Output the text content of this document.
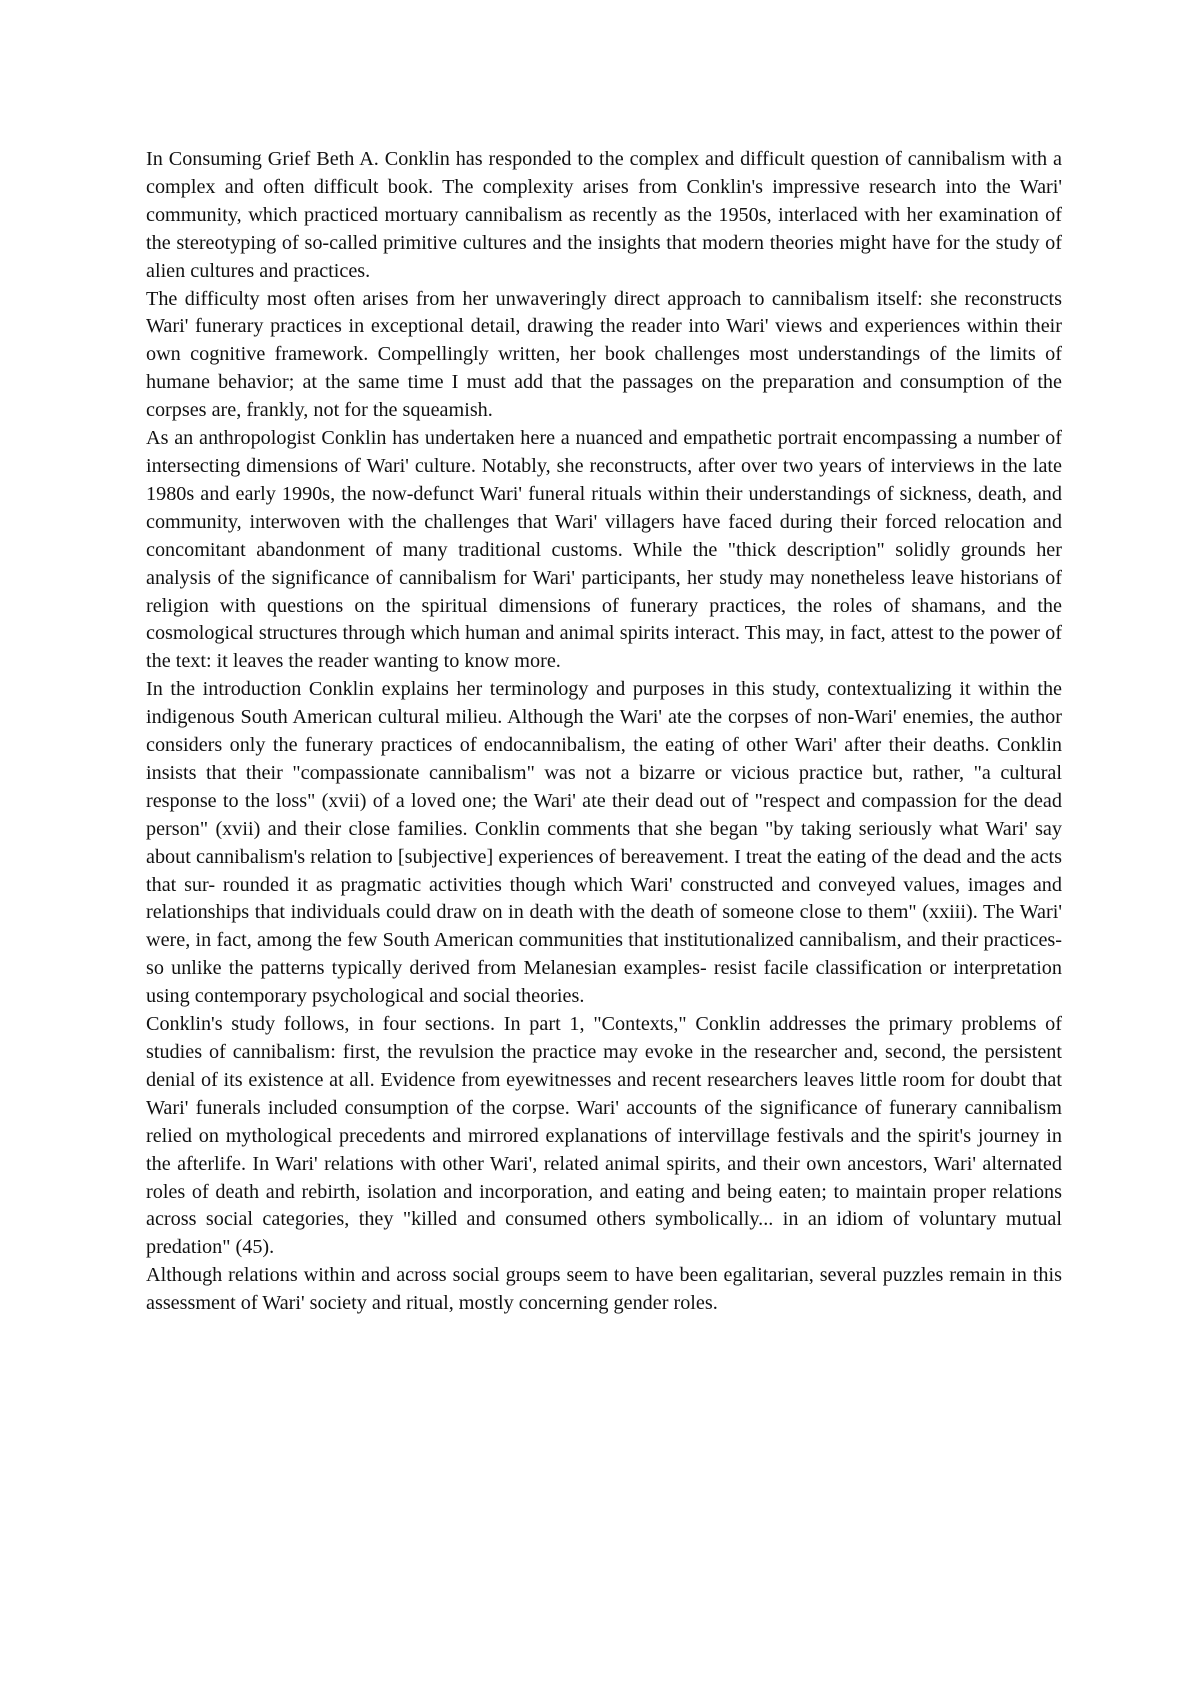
In Consuming Grief Beth A. Conklin has responded to the complex and difficult question of cannibalism with a complex and often difficult book. The complexity arises from Conklin's impressive research into the Wari' community, which practiced mortuary cannibalism as recently as the 1950s, interlaced with her examination of the stereotyping of so-called primitive cultures and the insights that modern theories might have for the study of alien cultures and practices.

The difficulty most often arises from her unwaveringly direct approach to cannibalism itself: she reconstructs Wari' funerary practices in exceptional detail, drawing the reader into Wari' views and experiences within their own cognitive framework. Compellingly written, her book challenges most understandings of the limits of humane behavior; at the same time I must add that the passages on the preparation and consumption of the corpses are, frankly, not for the squeamish.

As an anthropologist Conklin has undertaken here a nuanced and empathetic portrait encompassing a number of intersecting dimensions of Wari' culture. Notably, she reconstructs, after over two years of interviews in the late 1980s and early 1990s, the now-defunct Wari' funeral rituals within their understandings of sickness, death, and community, interwoven with the challenges that Wari' villagers have faced during their forced relocation and concomitant abandonment of many traditional customs. While the "thick description" solidly grounds her analysis of the significance of cannibalism for Wari' participants, her study may nonetheless leave historians of religion with questions on the spiritual dimensions of funerary practices, the roles of shamans, and the cosmological structures through which human and animal spirits interact. This may, in fact, attest to the power of the text: it leaves the reader wanting to know more.

In the introduction Conklin explains her terminology and purposes in this study, contextualizing it within the indigenous South American cultural milieu. Although the Wari' ate the corpses of non-Wari' enemies, the author considers only the funerary practices of endocannibalism, the eating of other Wari' after their deaths. Conklin insists that their "compassionate cannibalism" was not a bizarre or vicious practice but, rather, "a cultural response to the loss" (xvii) of a loved one; the Wari' ate their dead out of "respect and compassion for the dead person" (xvii) and their close families. Conklin comments that she began "by taking seriously what Wari' say about cannibalism's relation to [subjective] experiences of bereavement. I treat the eating of the dead and the acts that sur- rounded it as pragmatic activities though which Wari' constructed and conveyed values, images and relationships that individuals could draw on in death with the death of someone close to them" (xxiii). The Wari' were, in fact, among the few South American communities that institutionalized cannibalism, and their practices-so unlike the patterns typically derived from Melanesian examples- resist facile classification or interpretation using contemporary psychological and social theories.

Conklin's study follows, in four sections. In part 1, "Contexts," Conklin addresses the primary problems of studies of cannibalism: first, the revulsion the practice may evoke in the researcher and, second, the persistent denial of its existence at all. Evidence from eyewitnesses and recent researchers leaves little room for doubt that Wari' funerals included consumption of the corpse. Wari' accounts of the significance of funerary cannibalism relied on mythological precedents and mirrored explanations of intervillage festivals and the spirit's journey in the afterlife. In Wari' relations with other Wari', related animal spirits, and their own ancestors, Wari' alternated roles of death and rebirth, isolation and incorporation, and eating and being eaten; to maintain proper relations across social categories, they "killed and consumed others symbolically... in an idiom of voluntary mutual predation" (45).

Although relations within and across social groups seem to have been egalitarian, several puzzles remain in this assessment of Wari' society and ritual, mostly concerning gender roles.
